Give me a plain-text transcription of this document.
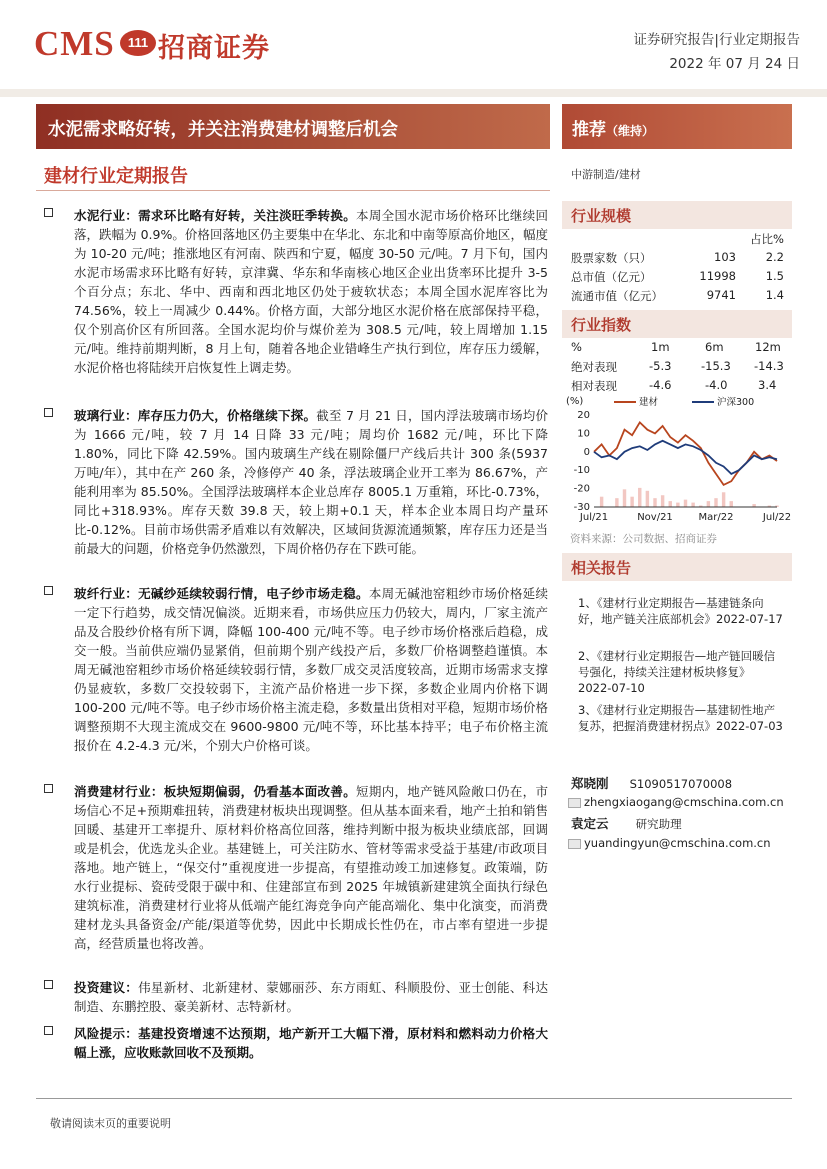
CMS	111 招商证券	证券研究报告|行业定期报告
2022 年 07 月 24 日
水泥需求略好转，并关注消费建材调整后机会	推荐（维持）
建材行业定期报告	中游制造/建材
水泥行业：需求环比略有好转，关注淡旺季转换。本周全国水泥市场价格环比继续回落，跌幅为 0.9%。价格回落地区仍主要集中在华北、东北和中南等原高价地区，幅度为 10-20 元/吨；推涨地区有河南、陕西和宁夏，幅度 30-50 元/吨。7 月下旬，国内水泥市场需求环比略有好转，京津冀、华东和华南核心地区企业出货率环比提升 3-5 个百分点；东北、华中、西南和西北地区仍处于疲软状态；本周全国水泥库容比为 74.56%，较上一周减少 0.44%。价格方面，大部分地区水泥价格在底部保持平稳，仅个别高价区有所回落。全国水泥均价与煤价差为 308.5 元/吨，较上周增加 1.15 元/吨。维持前期判断，8 月上旬，随着各地企业错峰生产执行到位，库存压力缓解，水泥价格也将陆续开启恢复性上调走势。
玻璃行业：库存压力仍大，价格继续下探。截至 7 月 21 日，国内浮法玻璃市场均价为 1666 元/吨，较 7 月 14 日降 33 元/吨；周均价 1682 元/吨，环比下降 1.80%，同比下降 42.59%。国内玻璃生产线在剔除僵尸产线后共计 300 条(5937 万吨/年），其中在产 260 条，冷修停产 40 条，浮法玻璃企业开工率为 86.67%，产能利用率为 85.50%。全国浮法玻璃样本企业总库存 8005.1 万重箱，环比-0.73%，同比+318.93%。库存天数 39.8 天，较上期+0.1 天，样本企业本周日均产量环比-0.12%。目前市场供需矛盾难以有效解决，区域间货源流通频繁，库存压力还是当前最大的问题，价格竞争仍然激烈，下周价格仍存在下跌可能。
玻纤行业：无碱纱延续较弱行情，电子纱市场走稳。本周无碱池窑粗纱市场价格延续一定下行趋势，成交情况偏淡。近期来看，市场供应压力仍较大，周内，厂家主流产品及合股纱价格有所下调，降幅 100-400 元/吨不等。电子纱市场价格涨后趋稳，成交一般。当前供应端仍显紧俏，但前期个别产线投产后，多数厂价格调整趋谨慎。本周无碱池窑粗纱市场价格延续较弱行情，多数厂成交灵活度较高，近期市场需求支撑仍显疲软，多数厂交投较弱下，主流产品价格进一步下探，多数企业周内价格下调 100-200 元/吨不等。电子纱市场价格主流走稳，多数量出货相对平稳，短期市场价格调整预期不大现主流成交在 9600-9800 元/吨不等，环比基本持平；电子布价格主流报价在 4.2-4.3 元/米，个别大户价格可谈。
消费建材行业：板块短期偏弱，仍看基本面改善。短期内，地产链风险敞口仍在，市场信心不足+预期难扭转，消费建材板块出现调整。但从基本面来看，地产土拍和销售回暖、基建开工率提升、原材料价格高位回落，维持判断中报为板块业绩底部，回调或是机会，优选龙头企业。基建链上，可关注防水、管材等需求受益于基建/市政项目落地。地产链上，“保交付”重视度进一步提高，有望推动竣工加速修复。政策端，防水行业提标、瓷砖受限于碳中和、住建部宣布到 2025 年城镇新建建筑全面执行绿色建筑标准，消费建材行业将从低端产能红海竞争向产能高端化、集中化演变，而消费建材龙头具备资金/产能/渠道等优势，因此中长期成长性仍在，市占率有望进一步提高，经营质量也将改善。
投资建议：伟星新材、北新建材、蒙娜丽莎、东方雨虹、科顺股份、亚士创能、科达制造、东鹏控股、豪美新材、志特新材。
风险提示：基建投资增速不达预期，地产新开工大幅下滑，原材料和燃料动力价格大幅上涨，应收账款回收不及预期。
行业规模
占比%
股票家数（只）	103	2.2
总市值（亿元）	11998	1.5
流通市值（亿元）	9741	1.4
行业指数
%	1m	6m	12m
绝对表现	-5.3	-15.3 -14.3
相对表现	-4.6	-4.0	3.4
(%)
20
10
0
-10
-20
-30
Jul/21	Nov/21	Mar/22	Jul/22
建材	沪深300
资料来源：公司数据、招商证券
相关报告
1、《建材行业定期报告—基建链条向好，地产链关注底部机会》2022-07-17
2、《建材行业定期报告—地产链回暖信号强化，持续关注建材板块修复》2022-07-10
3、《建材行业定期报告—基建韧性地产复苏，把握消费建材拐点》2022-07-03
郑晓刚 S1090517070008
zhengxiaogang@cmschina.com.cn
袁定云 研究助理
yuandingyun@cmschina.com.cn
敬请阅读末页的重要说明
